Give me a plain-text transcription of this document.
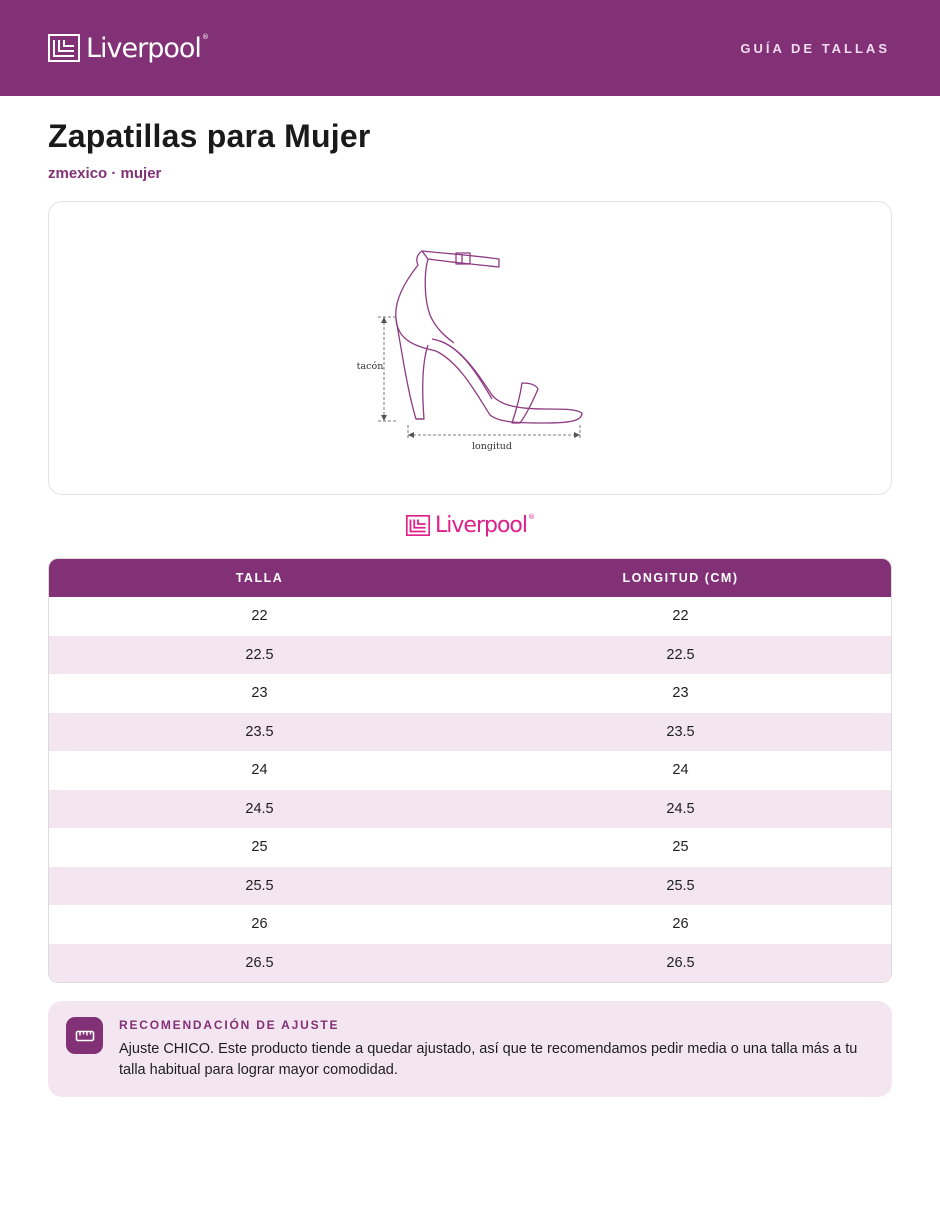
Liverpool®
GUÍA DE TALLAS
Zapatillas para Mujer
zmexico · mujer
tacón
longitud
Liverpool®
TALLA	LONGITUD (CM)
22	22
22.5	22.5
23	23
23.5	23.5
24	24
24.5	24.5
25	25
25.5	25.5
26	26
26.5	26.5
RECOMENDACIÓN DE AJUSTE
Ajuste CHICO. Este producto tiende a quedar ajustado, así que te recomendamos pedir media o una talla más a tu talla habitual para lograr mayor comodidad.
